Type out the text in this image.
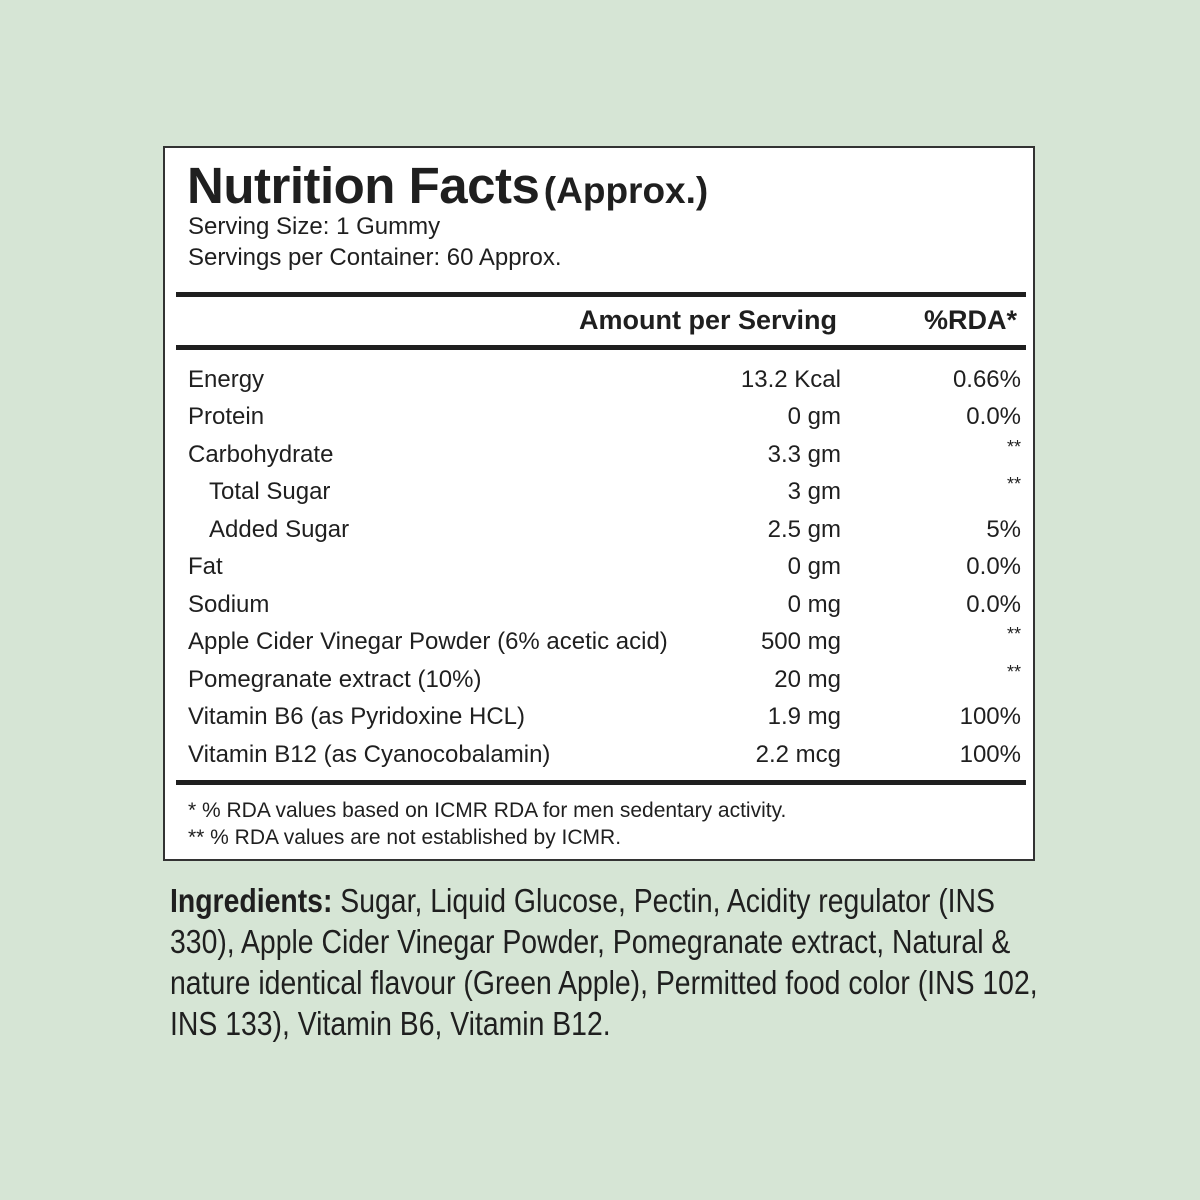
Nutrition Facts (Approx.)
Serving Size: 1 Gummy
Servings per Container: 60 Approx.
Amount per Serving	%RDA*
Energy	13.2 Kcal	0.66%
Protein	0 gm	0.0%
Carbohydrate	3.3 gm	**
Total Sugar	3 gm	**
Added Sugar	2.5 gm	5%
Fat	0 gm	0.0%
Sodium	0 mg	0.0%
Apple Cider Vinegar Powder (6% acetic acid)	500 mg	**
Pomegranate extract (10%)	20 mg	**
Vitamin B6 (as Pyridoxine HCL)	1.9 mg	100%
Vitamin B12 (as Cyanocobalamin)	2.2 mcg	100%
* % RDA values based on ICMR RDA for men sedentary activity.
** % RDA values are not established by ICMR.
Ingredients: Sugar, Liquid Glucose, Pectin, Acidity regulator (INS 330), Apple Cider Vinegar Powder, Pomegranate extract, Natural & nature identical flavour (Green Apple), Permitted food color (INS 102, INS 133), Vitamin B6, Vitamin B12.
